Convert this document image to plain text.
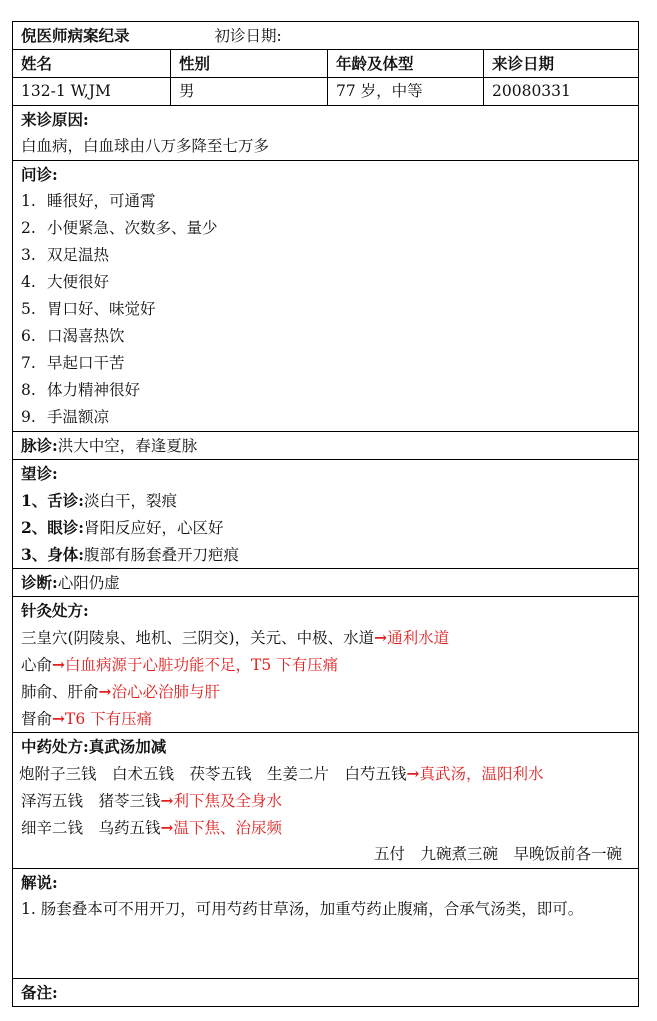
倪医师病案纪录	初诊日期:
姓名	性别	年龄及体型	来诊日期
132-1 W,JM	男	77 岁，中等	20080331
来诊原因:
白血病，白血球由八万多降至七万多
问诊:
1. 睡很好，可通霄
2. 小便紧急、次数多、量少
3. 双足温热
4. 大便很好
5. 胃口好、味觉好
6. 口渴喜热饮
7. 早起口干苦
8. 体力精神很好
9. 手温额凉
脉诊:洪大中空，春逢夏脉
望诊:
1、舌诊:淡白干，裂痕
2、眼诊:肾阳反应好，心区好
3、身体:腹部有肠套叠开刀疤痕
诊断:心阳仍虚
针灸处方:
三皇穴(阴陵泉、地机、三阴交)，关元、中极、水道→通利水道
心俞→白血病源于心脏功能不足，T5 下有压痛
肺俞、肝俞→治心必治肺与肝
督俞→T6 下有压痛
中药处方:真武汤加减
炮附子三钱　白术五钱　茯苓五钱　生姜二片　白芍五钱→真武汤，温阳利水
泽泻五钱　猪苓三钱→利下焦及全身水
细辛二钱　乌药五钱→温下焦、治尿频
五付　九碗煮三碗　早晚饭前各一碗
解说:
1. 肠套叠本可不用开刀，可用芍药甘草汤，加重芍药止腹痛，合承气汤类，即可。
备注:
